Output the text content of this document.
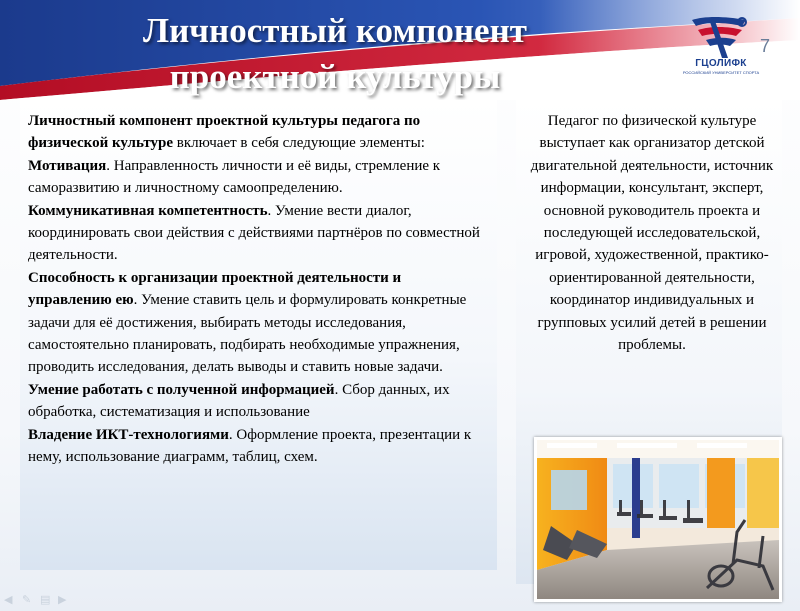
Личностный компонент проектной культуры	ГЦОЛИФК
РОССИЙСКИЙ УНИВЕРСИТЕТ СПОРТА
7

Личностный компонент проектной культуры педагога по физической культуре включает в себя следующие элементы:

Мотивация. Направленность личности и её виды, стремление к саморазвитию и личностному самоопределению.

Коммуникативная компетентность. Умение вести диалог, координировать свои действия с действиями партнёров по совместной деятельности.

Способность к организации проектной деятельности и управлению ею. Умение ставить цель и формулировать конкретные задачи для её достижения, выбирать методы исследования, самостоятельно планировать, подбирать необходимые упражнения, проводить исследования, делать выводы и ставить новые задачи.

Умение работать с полученной информацией. Сбор данных, их обработка, систематизация и использование

Владение ИКТ-технологиями. Оформление проекта, презентации к нему, использование диаграмм, таблиц, схем.

Педагог по физической культуре выступает как организатор детской двигательной деятельности, источник информации, консультант, эксперт, основной руководитель проекта и последующей исследовательской, игровой, художественной, практико-ориентированной деятельности, координатор индивидуальных и групповых усилий детей в решении проблемы.
◀ ✎ ▤ ▶
